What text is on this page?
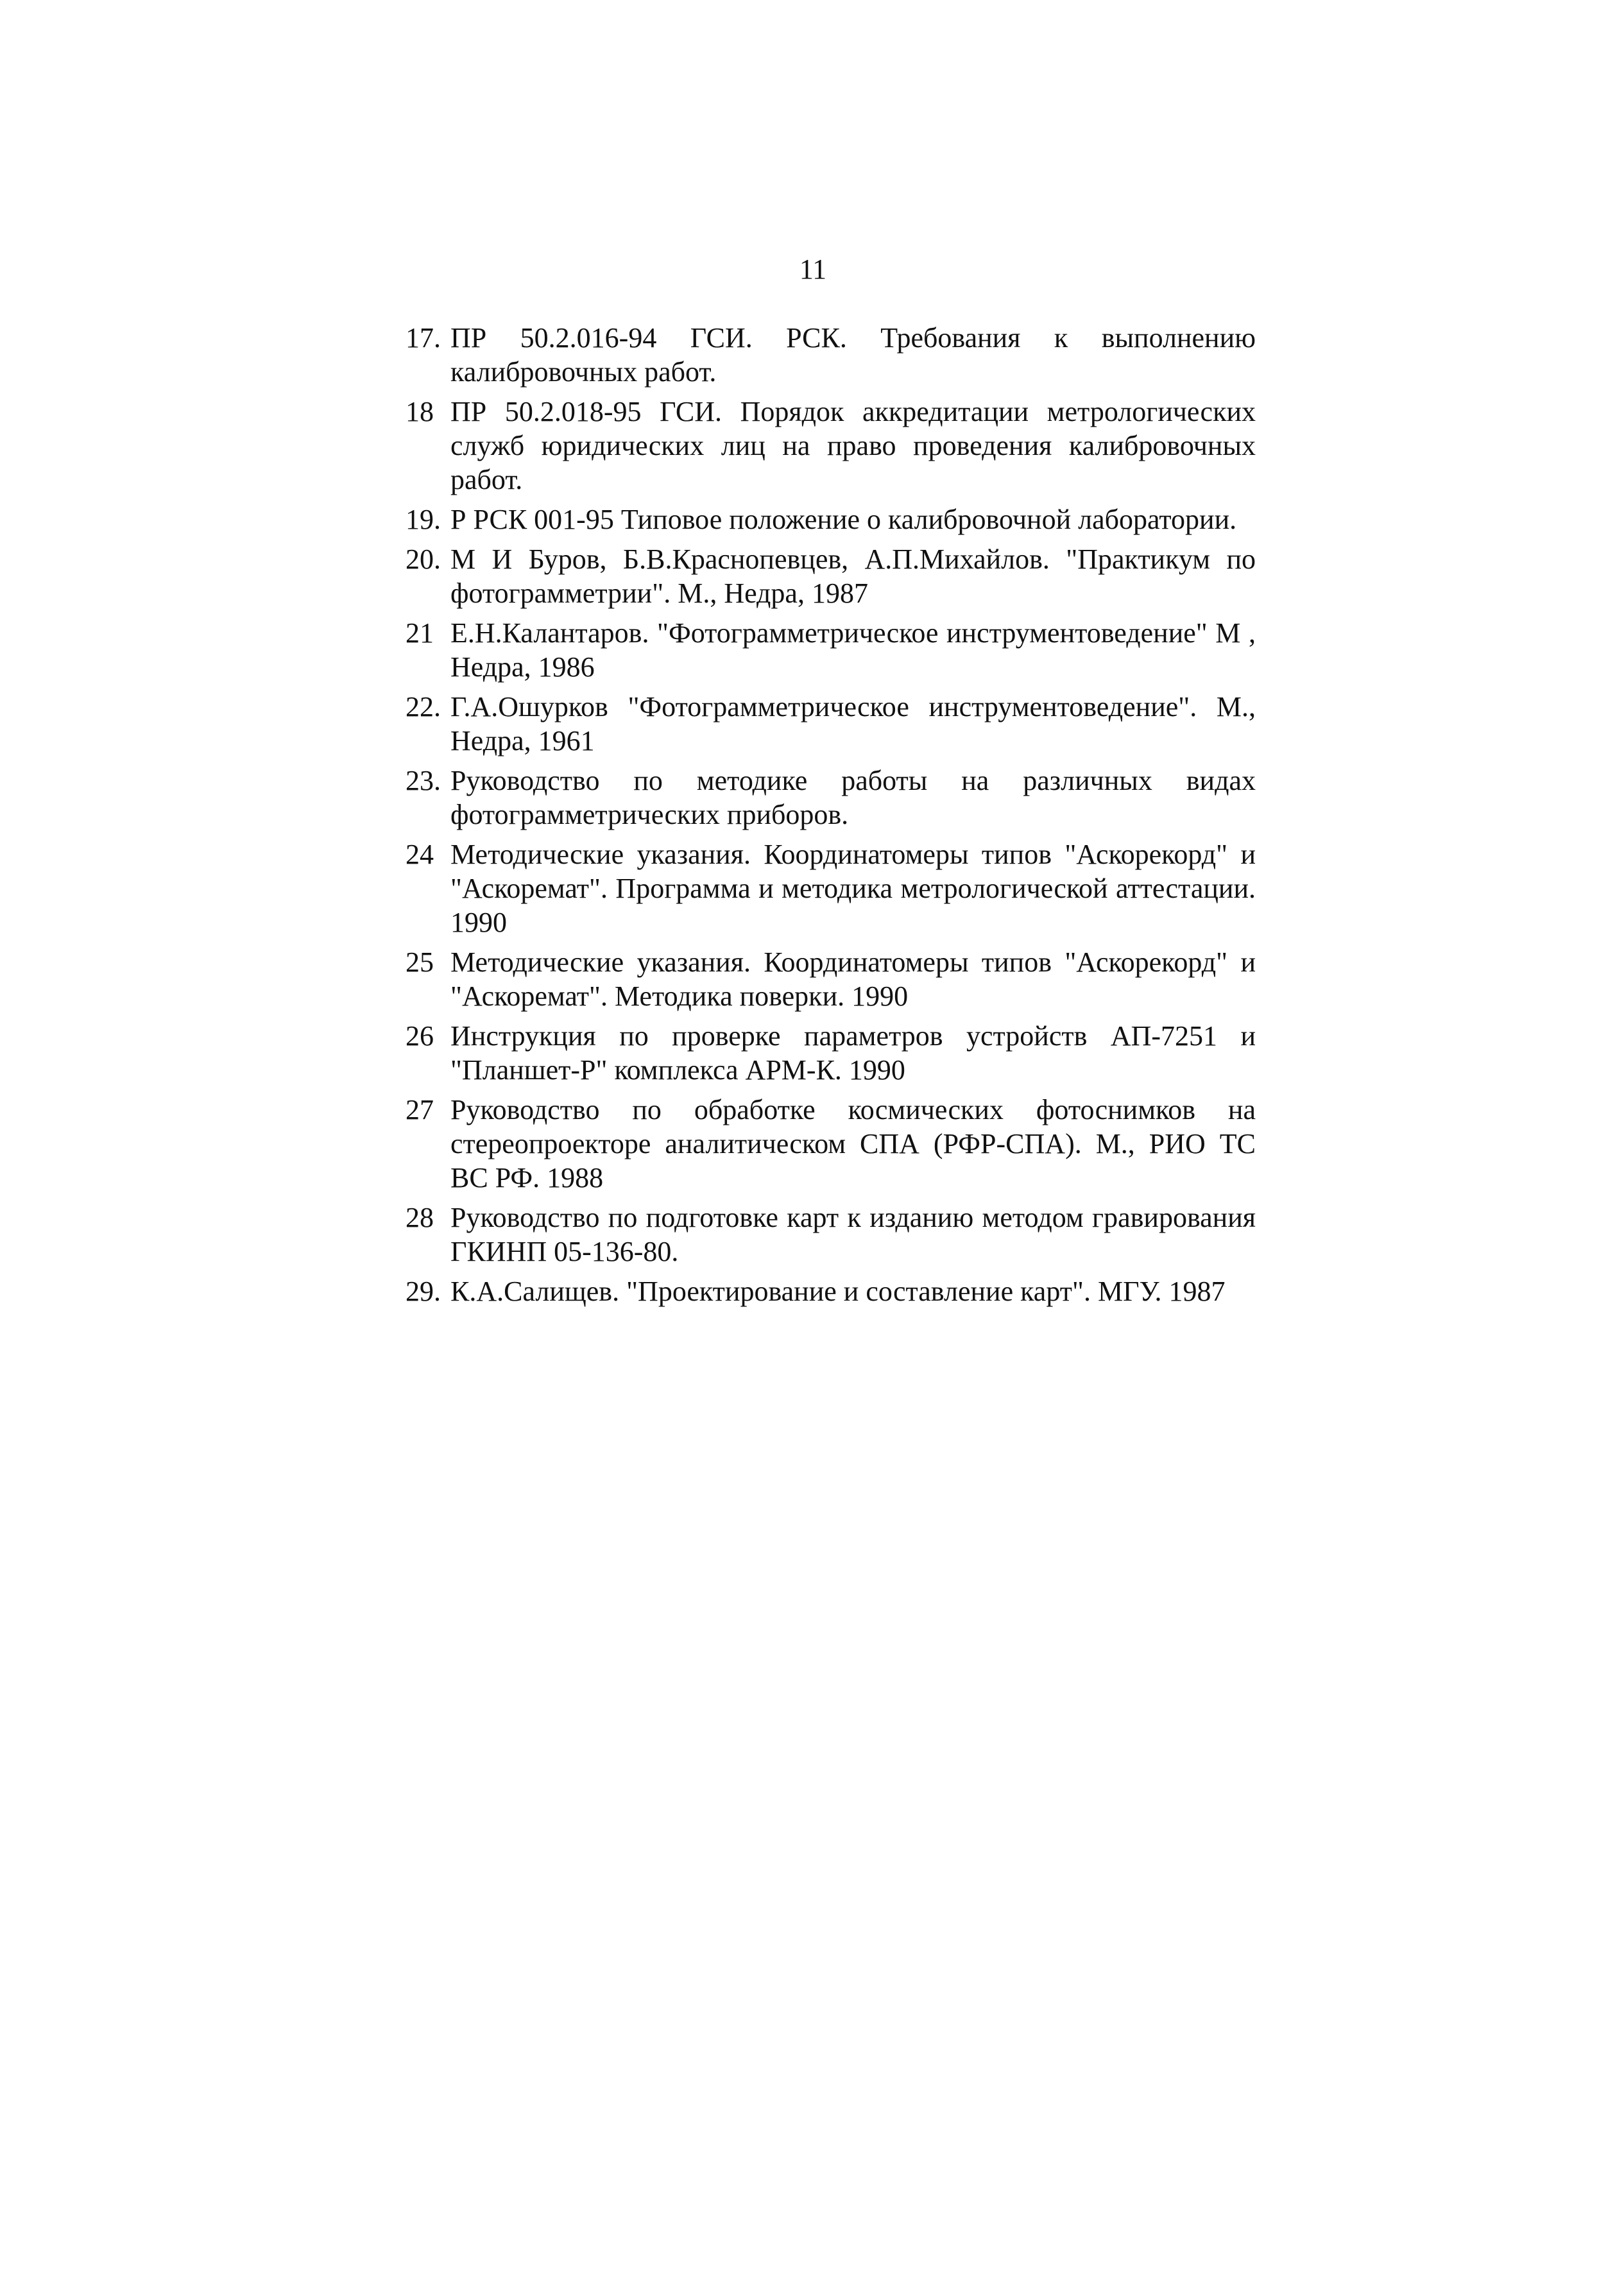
11
17. ПР 50.2.016-94 ГСИ. РСК. Требования к выполнению калибровочных работ.
18 ПР 50.2.018-95 ГСИ. Порядок аккредитации метрологических служб юридических лиц на право проведения калибровочных работ.
19. Р РСК 001-95 Типовое положение о калибровочной лаборатории.
20. М И Буров, Б.В.Краснопевцев, А.П.Михайлов. "Практикум по фотограмметрии". М., Недра, 1987
21 Е.Н.Калантаров. "Фотограмметрическое инструментоведение" М , Недра, 1986
22. Г.А.Ошурков "Фотограмметрическое инструментоведение". М., Недра, 1961
23. Руководство по методике работы на различных видах фотограмметрических приборов.
24 Методические указания. Координатомеры типов "Аскорекорд" и "Аскоремат". Программа и методика метрологической аттестации. 1990
25 Методические указания. Координатомеры типов "Аскорекорд" и "Аскоремат". Методика поверки. 1990
26 Инструкция по проверке параметров устройств АП-7251 и "Планшет-Р" комплекса АРМ-К. 1990
27 Руководство по обработке космических фотоснимков на стереопроекторе аналитическом СПА (РФР-СПА). М., РИО ТС ВС РФ. 1988
28 Руководство по подготовке карт к изданию методом гравирования ГКИНП 05-136-80.
29. К.А.Салищев. "Проектирование и составление карт". МГУ. 1987
